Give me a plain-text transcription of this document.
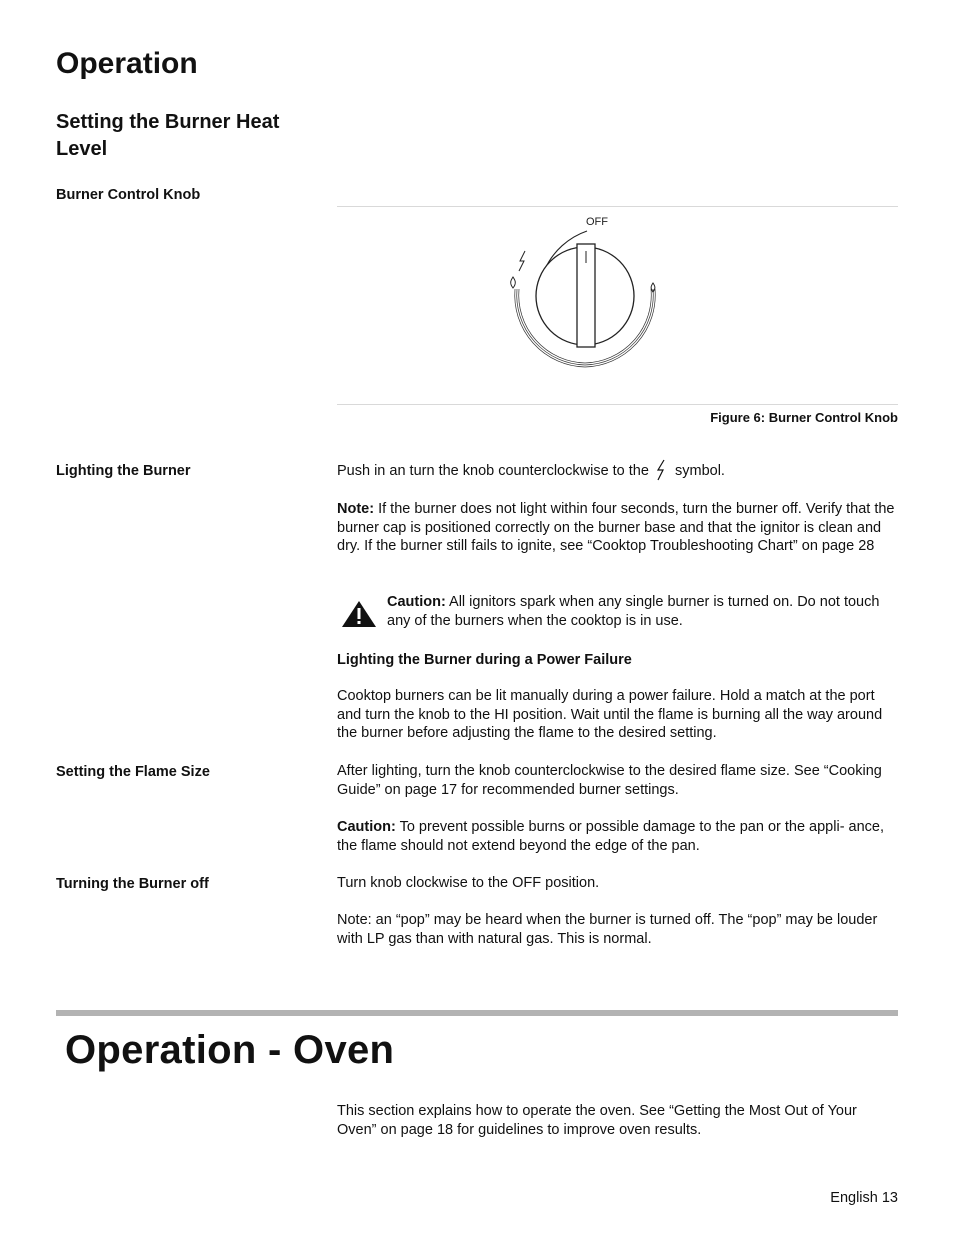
Operation
Setting the Burner Heat Level
Burner Control Knob
OFF
Figure 6: Burner Control Knob
Lighting the Burner	Push in an turn the knob counterclockwise to the symbol.
Note: If the burner does not light within four seconds, turn the burner off. Verify that the burner cap is positioned correctly on the burner base and that the ignitor is clean and dry. If the burner still fails to ignite, see “Cooktop Troubleshooting Chart” on page 28
Caution: All ignitors spark when any single burner is turned on. Do not touch any of the burners when the cooktop is in use.
Lighting the Burner during a Power Failure
Cooktop burners can be lit manually during a power failure. Hold a match at the port and turn the knob to the HI position. Wait until the flame is burning all the way around the burner before adjusting the flame to the desired setting.
Setting the Flame Size	After lighting, turn the knob counterclockwise to the desired flame size. See “Cooking Guide” on page 17 for recommended burner settings.
Caution: To prevent possible burns or possible damage to the pan or the appli- ance, the flame should not extend beyond the edge of the pan.
Turning the Burner off	Turn knob clockwise to the OFF position.
Note: an “pop” may be heard when the burner is turned off. The “pop” may be louder with LP gas than with natural gas. This is normal.
Operation - Oven
This section explains how to operate the oven. See “Getting the Most Out of Your Oven” on page 18 for guidelines to improve oven results.
English 13
